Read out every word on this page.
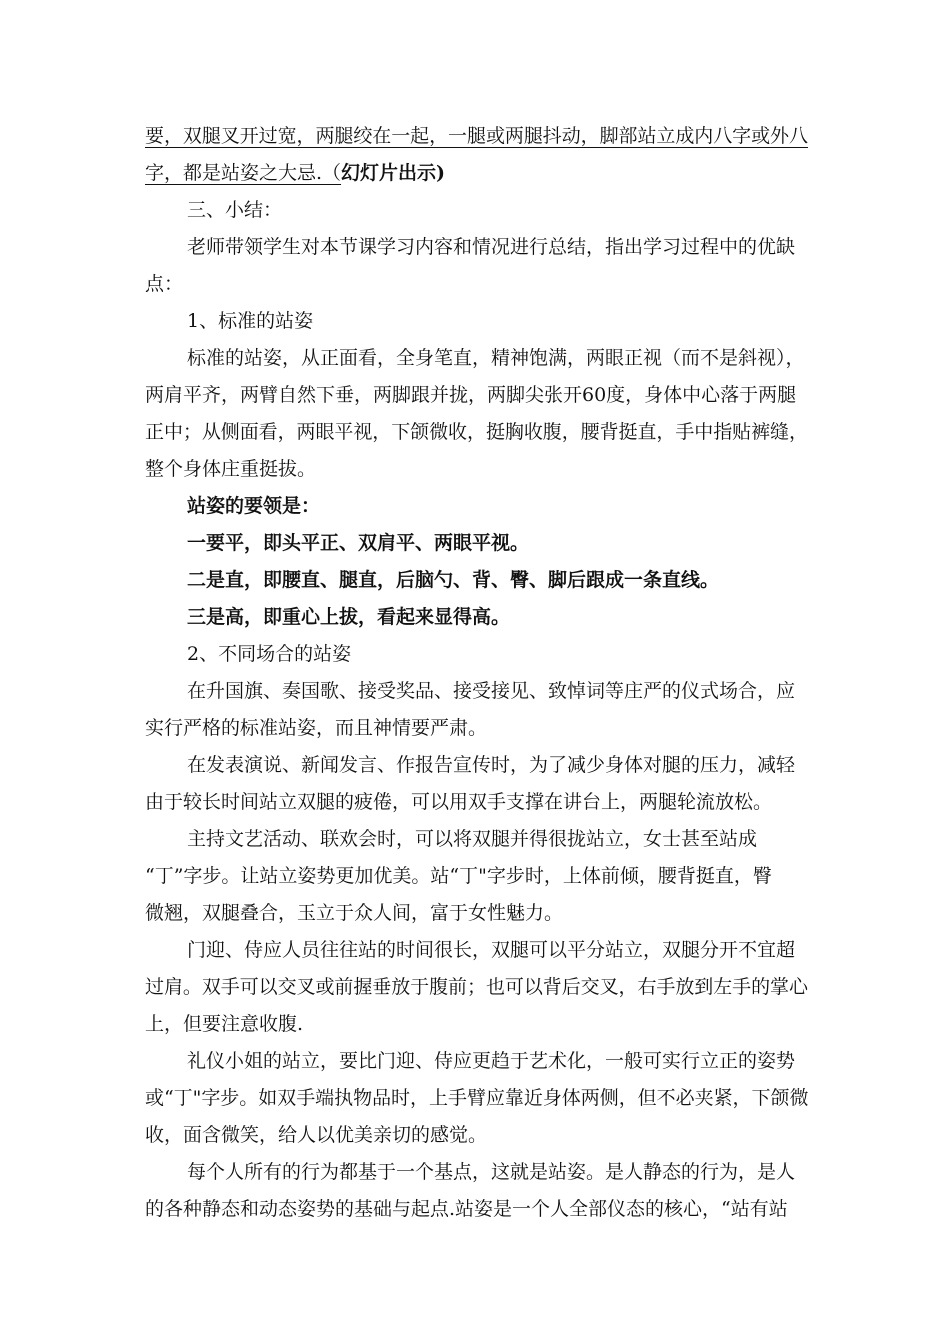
要，双腿叉开过宽，两腿绞在一起，一腿或两腿抖动，脚部站立成内八字或外八
字，都是站姿之大忌.（幻灯片出示)
三、小结：
老师带领学生对本节课学习内容和情况进行总结，指出学习过程中的优缺
点：
1、标准的站姿
标准的站姿，从正面看，全身笔直，精神饱满，两眼正视（而不是斜视），
两肩平齐，两臂自然下垂，两脚跟并拢，两脚尖张开60度，身体中心落于两腿
正中；从侧面看，两眼平视，下颌微收，挺胸收腹，腰背挺直，手中指贴裤缝，
整个身体庄重挺拔。
站姿的要领是：
一要平，即头平正、双肩平、两眼平视。
二是直，即腰直、腿直，后脑勺、背、臀、脚后跟成一条直线。
三是高，即重心上拔，看起来显得高。
2、不同场合的站姿
在升国旗、奏国歌、接受奖品、接受接见、致悼词等庄严的仪式场合，应
实行严格的标准站姿，而且神情要严肃。
在发表演说、新闻发言、作报告宣传时，为了减少身体对腿的压力，减轻
由于较长时间站立双腿的疲倦，可以用双手支撑在讲台上，两腿轮流放松。
主持文艺活动、联欢会时，可以将双腿并得很拢站立，女士甚至站成
“丁”字步。让站立姿势更加优美。站“丁"字步时，上体前倾，腰背挺直，臀
微翘，双腿叠合，玉立于众人间，富于女性魅力。
门迎、侍应人员往往站的时间很长，双腿可以平分站立，双腿分开不宜超
过肩。双手可以交叉或前握垂放于腹前；也可以背后交叉，右手放到左手的掌心
上，但要注意收腹.
礼仪小姐的站立，要比门迎、侍应更趋于艺术化，一般可实行立正的姿势
或“丁"字步。如双手端执物品时，上手臂应靠近身体两侧，但不必夹紧，下颌微
收，面含微笑，给人以优美亲切的感觉。
每个人所有的行为都基于一个基点，这就是站姿。是人静态的行为，是人
的各种静态和动态姿势的基础与起点.站姿是一个人全部仪态的核心，“站有站
